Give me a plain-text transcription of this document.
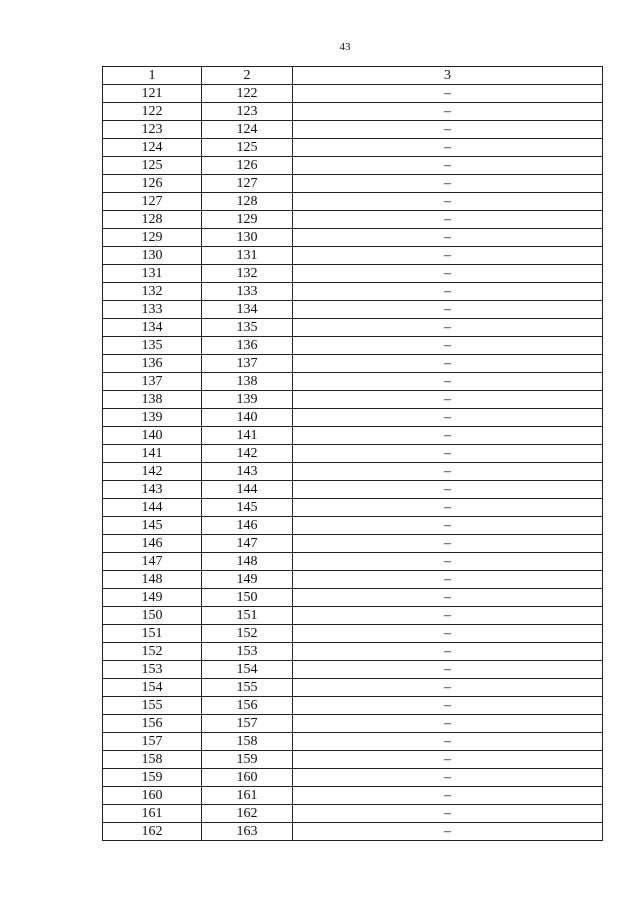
43
1	2	3
121	122	–
122	123	–
123	124	–
124	125	–
125	126	–
126	127	–
127	128	–
128	129	–
129	130	–
130	131	–
131	132	–
132	133	–
133	134	–
134	135	–
135	136	–
136	137	–
137	138	–
138	139	–
139	140	–
140	141	–
141	142	–
142	143	–
143	144	–
144	145	–
145	146	–
146	147	–
147	148	–
148	149	–
149	150	–
150	151	–
151	152	–
152	153	–
153	154	–
154	155	–
155	156	–
156	157	–
157	158	–
158	159	–
159	160	–
160	161	–
161	162	–
162	163	–
